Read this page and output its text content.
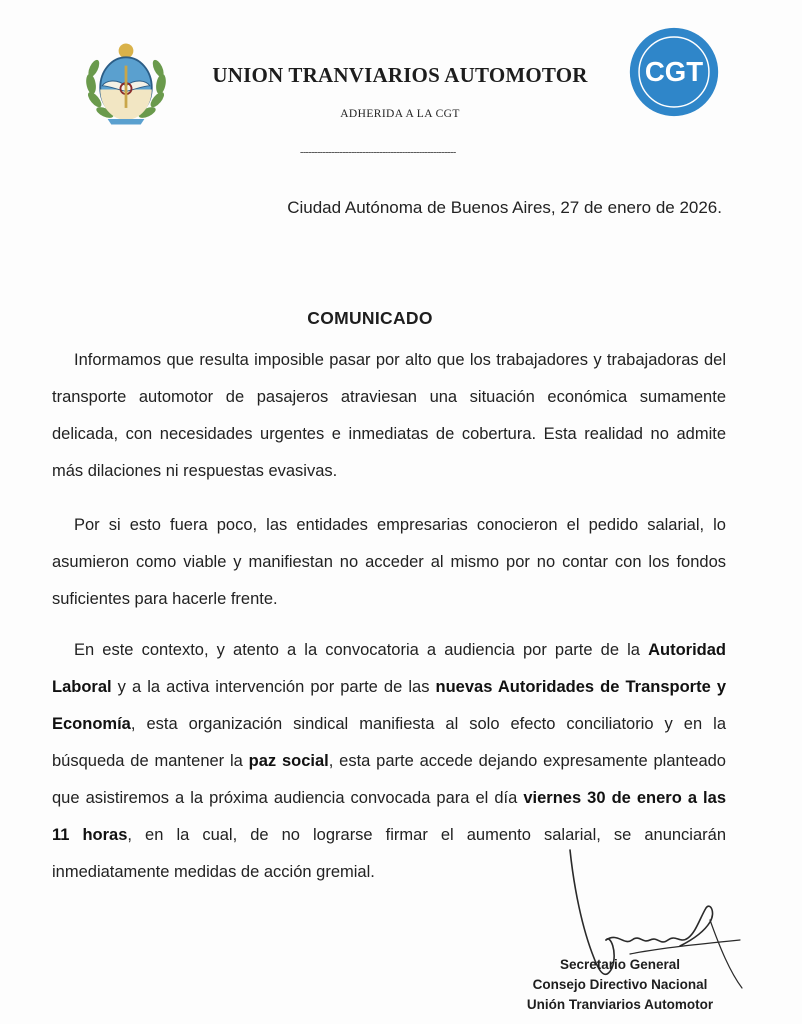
CGT
UNION TRANVIARIOS AUTOMOTOR
ADHERIDA A LA CGT
-------------------------------------------------------
Ciudad Autónoma de Buenos Aires, 27 de enero de 2026.
COMUNICADO

Informamos que resulta imposible pasar por alto que los trabajadores y trabajadoras del transporte automotor de pasajeros atraviesan una situación económica sumamente delicada, con necesidades urgentes e inmediatas de cobertura. Esta realidad no admite más dilaciones ni respuestas evasivas.

Por si esto fuera poco, las entidades empresarias conocieron el pedido salarial, lo asumieron como viable y manifiestan no acceder al mismo por no contar con los fondos suficientes para hacerle frente.

En este contexto, y atento a la convocatoria a audiencia por parte de la Autoridad Laboral y a la activa intervención por parte de las nuevas Autoridades de Transporte y Economía, esta organización sindical manifiesta al solo efecto conciliatorio y en la búsqueda de mantener la paz social, esta parte accede dejando expresamente planteado que asistiremos a la próxima audiencia convocada para el día viernes 30 de enero a las 11 horas, en la cual, de no lograrse firmar el aumento salarial, se anunciarán inmediatamente medidas de acción gremial.

Secretario General
Consejo Directivo Nacional
Unión Tranviarios Automotor
